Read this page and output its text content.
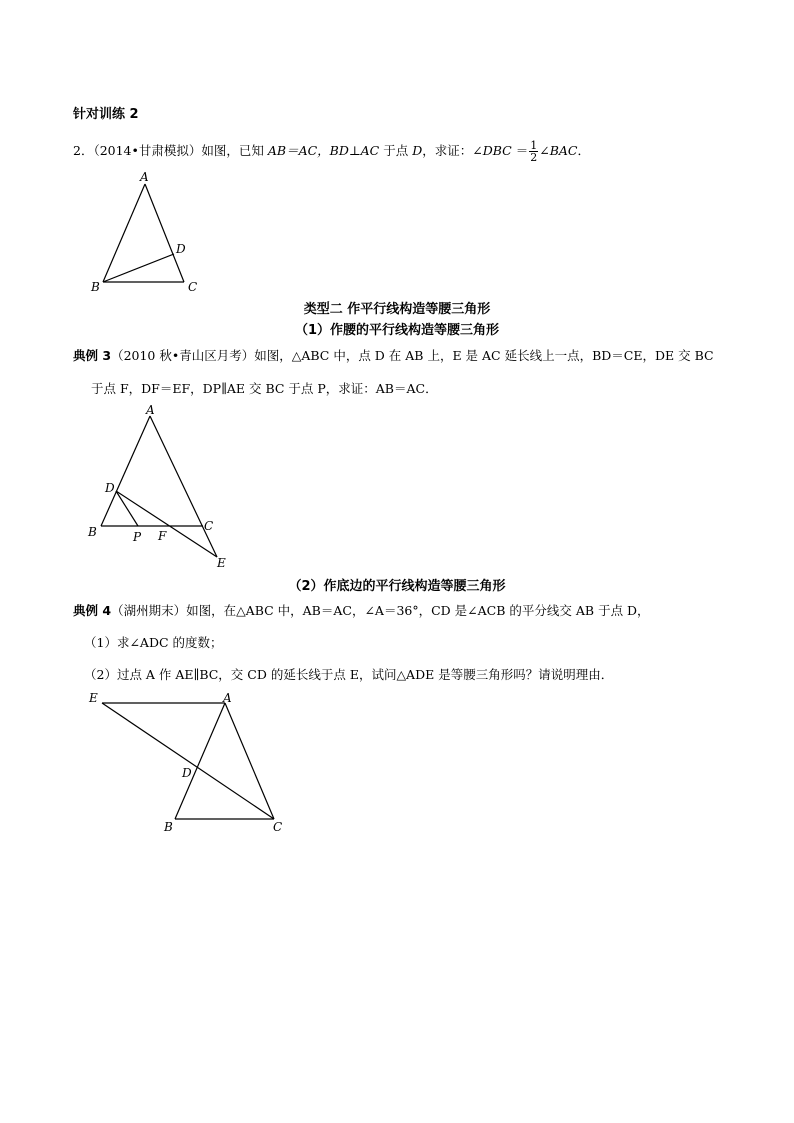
针对训练 2
2．（2014•甘肃模拟）如图，已知 AB＝AC，BD⊥AC 于点 D，求证：∠DBC ＝ $\frac{1}{2}$ ∠BAC．
A
D
B	C
类型二 作平行线构造等腰三角形
（1）作腰的平行线构造等腰三角形
典例 3（2010 秋•青山区月考）如图，△ABC 中，点 D 在 AB 上，E 是 AC 延长线上一点，BD＝CE，DE 交 BC
于点 F，DF＝EF，DP∥AE 交 BC 于点 P，求证：AB＝AC．
A
D
C
B	P F
E
（2）作底边的平行线构造等腰三角形
典例 4（湖州期末）如图，在△ABC 中，AB＝AC，∠A＝36°，CD 是∠ACB 的平分线交 AB 于点 D，
（1）求∠ADC 的度数；
（2）过点 A 作 AE∥BC，交 CD 的延长线于点 E，试问△ADE 是等腰三角形吗？请说明理由．
E	A
D
B	C
